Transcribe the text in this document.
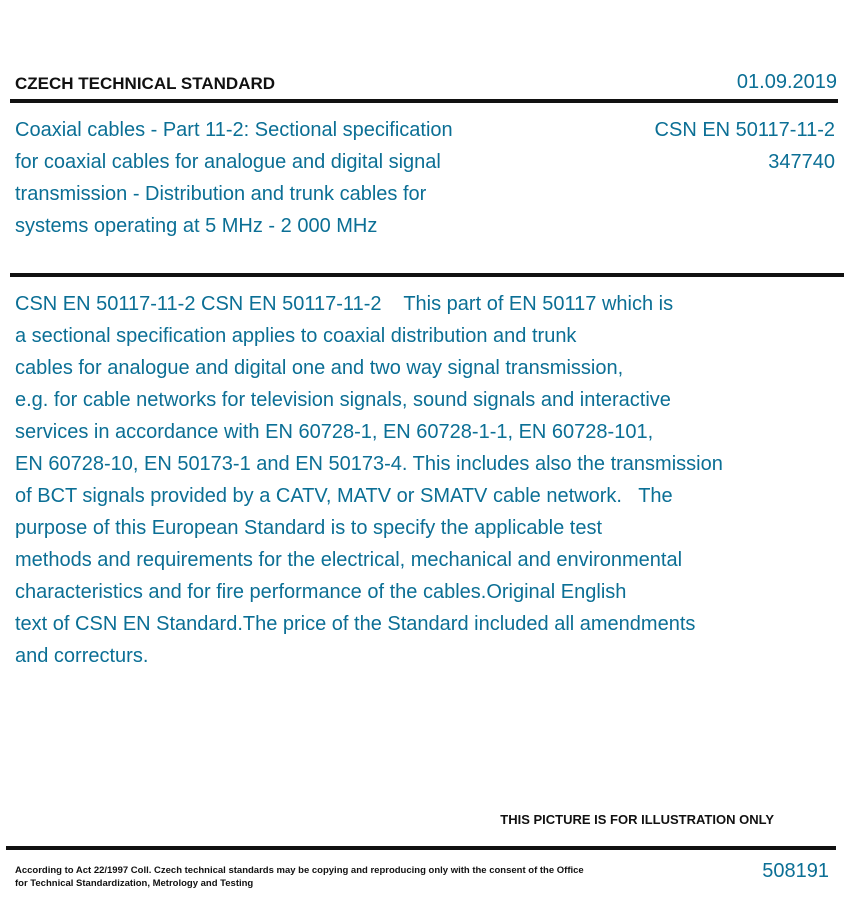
CZECH TECHNICAL STANDARD	01.09.2019
Coaxial cables - Part 11-2: Sectional specification
for coaxial cables for analogue and digital signal
transmission - Distribution and trunk cables for
systems operating at 5 MHz - 2 000 MHz
CSN EN 50117-11-2
347740
CSN EN 50117-11-2 CSN EN 50117-11-2    This part of EN 50117 which is
a sectional specification applies to coaxial distribution and trunk
cables for analogue and digital one and two way signal transmission,
e.g. for cable networks for television signals, sound signals and interactive
services in accordance with EN 60728-1, EN 60728-1-1, EN 60728-101,
EN 60728-10, EN 50173-1 and EN 50173-4. This includes also the transmission
of BCT signals provided by a CATV, MATV or SMATV cable network.   The
purpose of this European Standard is to specify the applicable test
methods and requirements for the electrical, mechanical and environmental
characteristics and for fire performance of the cables.Original English
text of CSN EN Standard.The price of the Standard included all amendments
and correcturs.
THIS PICTURE IS FOR ILLUSTRATION ONLY
According to Act 22/1997 Coll. Czech technical standards may be copying and reproducing only with the consent of the Office
for Technical Standardization, Metrology and Testing
508191
